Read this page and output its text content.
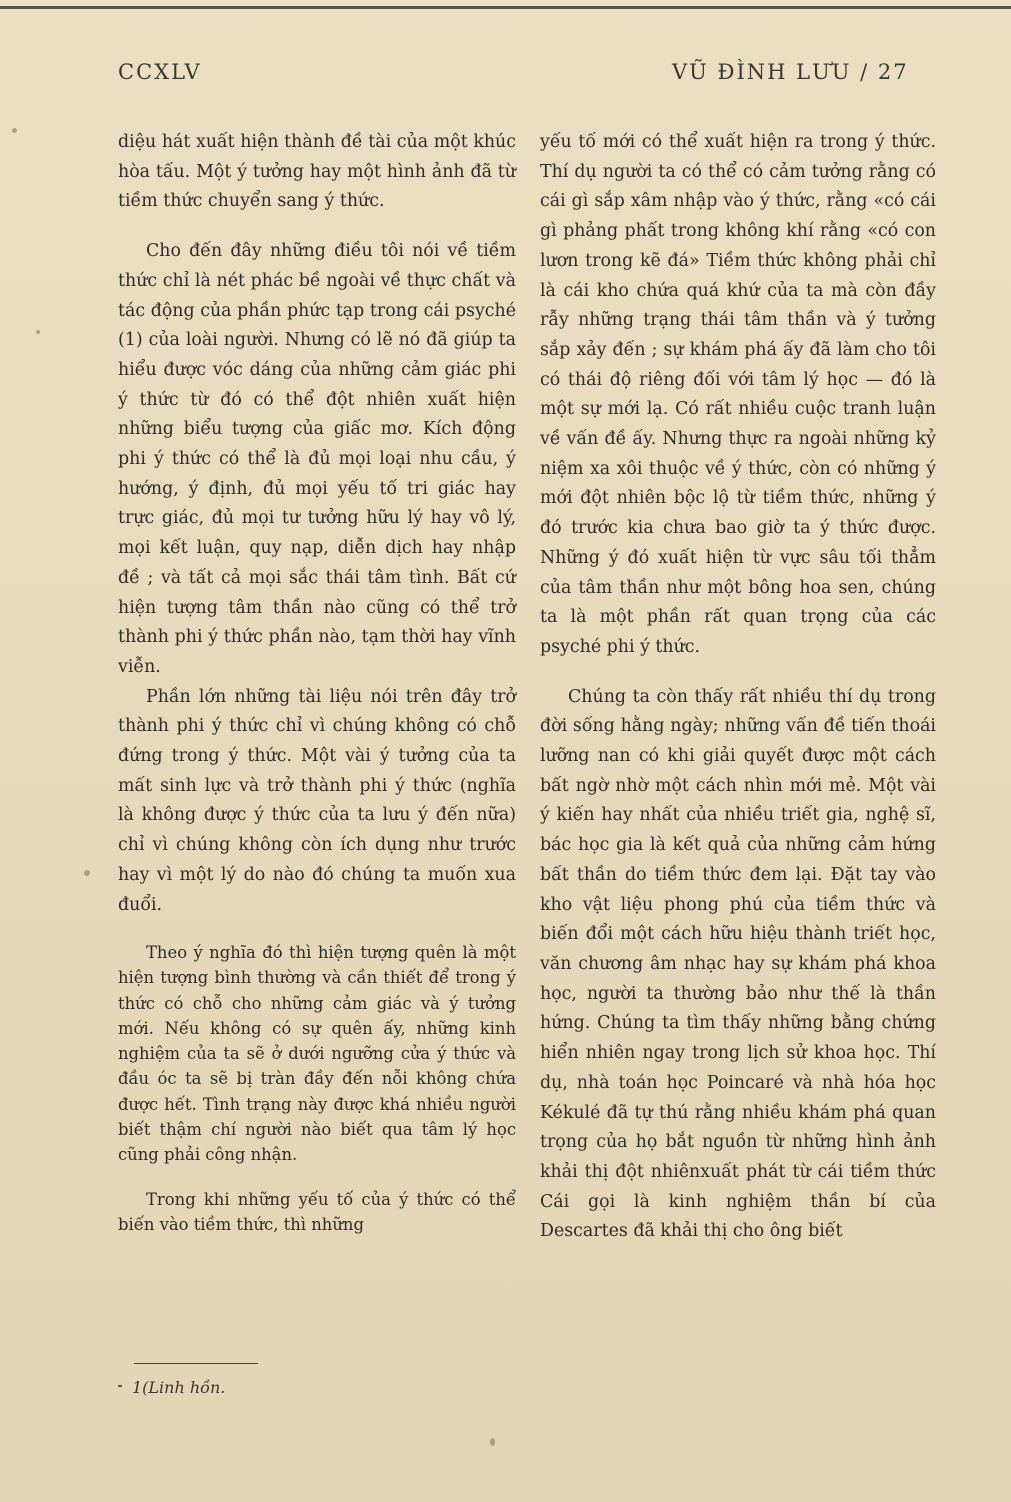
CCXLV	VŨ ĐÌNH LƯU / 27

diệu hát xuất hiện thành đề tài của một khúc hòa tấu. Một ý tưởng hay một hình ảnh đã từ tiềm thức chuyển sang ý thức.

Cho đến đây những điều tôi nói về tiềm thức chỉ là nét phác bề ngoài về thực chất và tác động của phần phức tạp trong cái psyché (1) của loài người. Nhưng có lẽ nó đã giúp ta hiểu được vóc dáng của những cảm giác phi ý thức từ đó có thể đột nhiên xuất hiện những biểu tượng của giấc mơ. Kích động phi ý thức có thể là đủ mọi loại nhu cầu, ý hướng, ý định, đủ mọi yếu tố tri giác hay trực giác, đủ mọi tư tưởng hữu lý hay vô lý, mọi kết luận, quy nạp, diễn dịch hay nhập đề ; và tất cả mọi sắc thái tâm tình. Bất cứ hiện tượng tâm thần nào cũng có thể trở thành phi ý thức phần nào, tạm thời hay vĩnh viễn.

Phần lớn những tài liệu nói trên đây trở thành phi ý thức chỉ vì chúng không có chỗ đứng trong ý thức. Một vài ý tưởng của ta mất sinh lực và trở thành phi ý thức (nghĩa là không được ý thức của ta lưu ý đến nữa) chỉ vì chúng không còn ích dụng như trước hay vì một lý do nào đó chúng ta muốn xua đuổi.

Theo ý nghĩa đó thì hiện tượng quên là một hiện tượng bình thường và cần thiết để trong ý thức có chỗ cho những cảm giác và ý tưởng mới. Nếu không có sự quên ấy, những kinh nghiệm của ta sẽ ở dưới ngưỡng cửa ý thức và đầu óc ta sẽ bị tràn đầy đến nỗi không chứa được hết. Tình trạng này được khá nhiều người biết thậm chí người nào biết qua tâm lý học cũng phải công nhận.

Trong khi những yếu tố của ý thức có thể biến vào tiềm thức, thì những

yếu tố mới có thể xuất hiện ra trong ý thức. Thí dụ người ta có thể có cảm tưởng rằng có cái gì sắp xâm nhập vào ý thức, rằng «có cái gì phảng phất trong không khí rằng «có con lươn trong kẽ đá» Tiềm thức không phải chỉ là cái kho chứa quá khứ của ta mà còn đầy rẫy những trạng thái tâm thần và ý tưởng sắp xảy đến ; sự khám phá ấy đã làm cho tôi có thái độ riêng đối với tâm lý học — đó là một sự mới lạ. Có rất nhiều cuộc tranh luận về vấn đề ấy. Nhưng thực ra ngoài những kỷ niệm xa xôi thuộc về ý thức, còn có những ý mới đột nhiên bộc lộ từ tiềm thức, những ý đó trước kia chưa bao giờ ta ý thức được. Những ý đó xuất hiện từ vực sâu tối thẳm của tâm thần như một bông hoa sen, chúng ta là một phần rất quan trọng của các psyché phi ý thức.

Chúng ta còn thấy rất nhiều thí dụ trong đời sống hằng ngày; những vấn đề tiến thoái lưỡng nan có khi giải quyết được một cách bất ngờ nhờ một cách nhìn mới mẻ. Một vài ý kiến hay nhất của nhiều triết gia, nghệ sĩ, bác học gia là kết quả của những cảm hứng bất thần do tiềm thức đem lại. Đặt tay vào kho vật liệu phong phú của tiềm thức và biến đổi một cách hữu hiệu thành triết học, văn chương âm nhạc hay sự khám phá khoa học, người ta thường bảo như thế là thần hứng. Chúng ta tìm thấy những bằng chứng hiển nhiên ngay trong lịch sử khoa học. Thí dụ, nhà toán học Poincaré và nhà hóa học Kékulé đã tự thú rằng nhiều khám phá quan trọng của họ bắt nguồn từ những hình ảnh khải thị đột nhiênxuất phát từ cái tiềm thức Cái gọi là kinh nghiệm thần bí của Descartes đã khải thị cho ông biết

1(Linh hồn.
